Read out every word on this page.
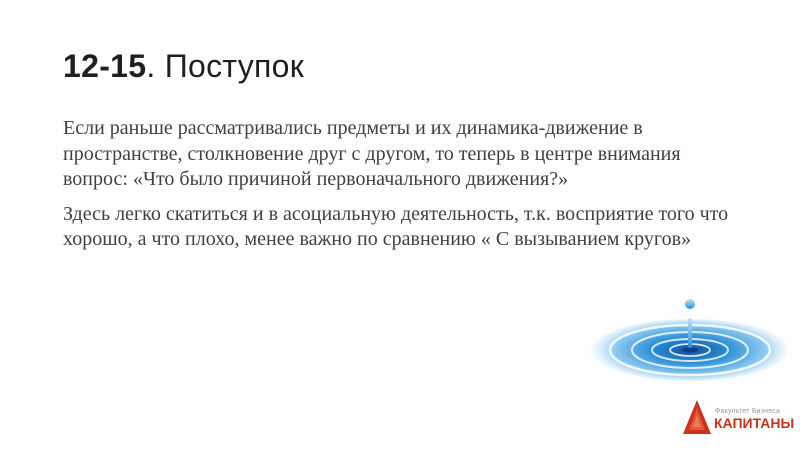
12-15. Поступок

Если раньше рассматривались предметы и их динамика-движение в пространстве, столкновение друг с другом, то теперь в центре внимания вопрос: «Что было причиной первоначального движения?»

Здесь легко скатиться и в асоциальную деятельность, т.к. восприятие того что хорошо, а что плохо, менее важно по сравнению « С вызыванием кругов»

Факультет Бизнеса
КАПИТАНЫ
